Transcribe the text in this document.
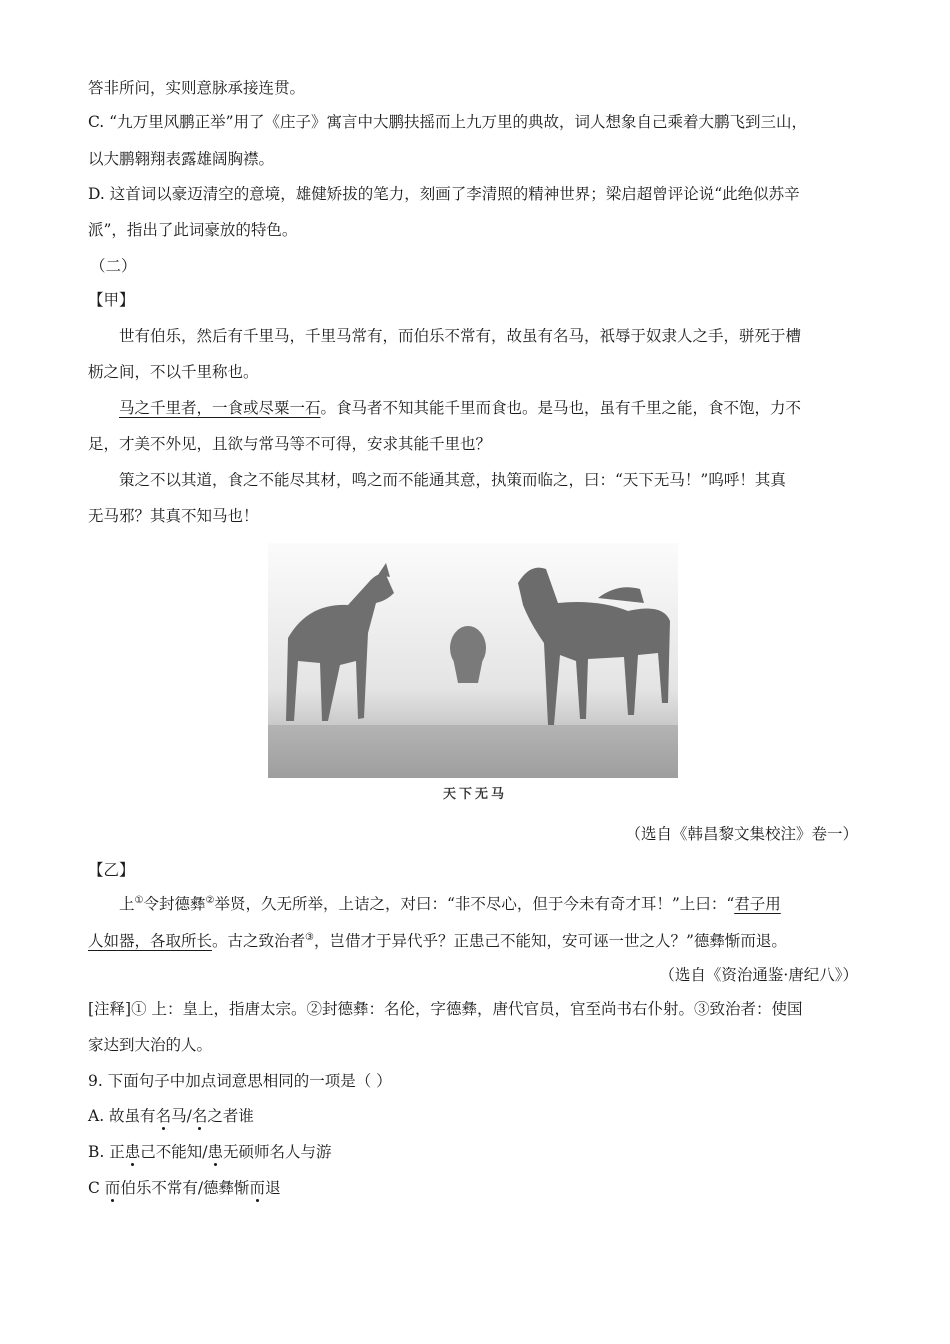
答非所问，实则意脉承接连贯。
C. “九万里风鹏正举”用了《庄子》寓言中大鹏扶摇而上九万里的典故，词人想象自己乘着大鹏飞到三山，
以大鹏翱翔表露雄阔胸襟。
D. 这首词以豪迈清空的意境，雄健矫拔的笔力，刻画了李清照的精神世界；梁启超曾评论说“此绝似苏辛
派”，指出了此词豪放的特色。
（二）
【甲】
世有伯乐，然后有千里马，千里马常有，而伯乐不常有，故虽有名马，祇辱于奴隶人之手，骈死于槽
枥之间，不以千里称也。
马之千里者，一食或尽粟一石。食马者不知其能千里而食也。是马也，虽有千里之能，食不饱，力不
足，才美不外见，且欲与常马等不可得，安求其能千里也？
策之不以其道，食之不能尽其材，鸣之而不能通其意，执策而临之，曰：“天下无马！”呜呼！其真
无马邪？其真不知马也！
天下无马
（选自《韩昌黎文集校注》卷一）
【乙】
上①令封德彝②举贤，久无所举，上诘之，对曰：“非不尽心，但于今未有奇才耳！”上曰：“君子用
人如器，各取所长。古之致治者③，岂借才于异代乎？正患己不能知，安可诬一世之人？”德彝惭而退。
（选自《资治通鉴·唐纪八》）
[注释]① 上：皇上，指唐太宗。②封德彝：名伦，字德彝，唐代官员，官至尚书右仆射。③致治者：使国
家达到大治的人。
9. 下面句子中加点词意思相同的一项是（ ）
A. 故虽有名马/名之者谁
B. 正患己不能知/患无硕师名人与游
C 而伯乐不常有/德彝惭而退
